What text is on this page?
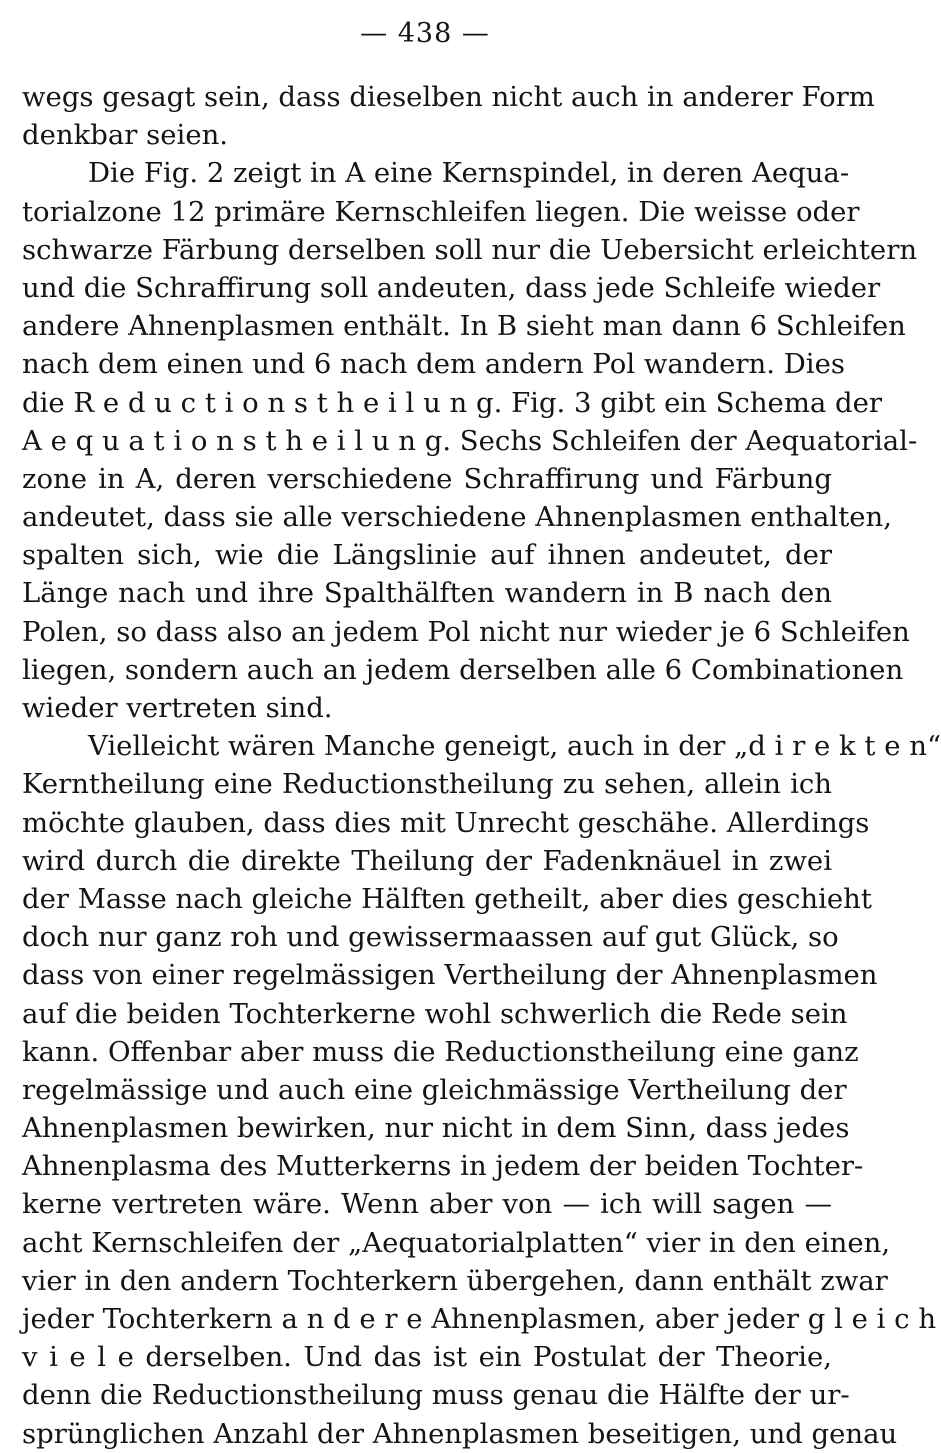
— 438 —
wegs gesagt sein, dass dieselben nicht auch in anderer Form
denkbar seien.
Die Fig. 2 zeigt in A eine Kernspindel, in deren Aequa-
torialzone 12 primäre Kernschleifen liegen. Die weisse oder
schwarze Färbung derselben soll nur die Uebersicht erleichtern
und die Schraffirung soll andeuten, dass jede Schleife wieder
andere Ahnenplasmen enthält. In B sieht man dann 6 Schleifen
nach dem einen und 6 nach dem andern Pol wandern. Dies
die R e d u c t i o n s t h e i l u n g. Fig. 3 gibt ein Schema der
A e q u a t i o n s t h e i l u n g. Sechs Schleifen der Aequatorial-
zone in A, deren verschiedene Schraffirung und Färbung
andeutet, dass sie alle verschiedene Ahnenplasmen enthalten,
spalten sich, wie die Längslinie auf ihnen andeutet, der
Länge nach und ihre Spalthälften wandern in B nach den
Polen, so dass also an jedem Pol nicht nur wieder je 6 Schleifen
liegen, sondern auch an jedem derselben alle 6 Combinationen
wieder vertreten sind.
Vielleicht wären Manche geneigt, auch in der „d i r e k t e n“
Kerntheilung eine Reductionstheilung zu sehen, allein ich
möchte glauben, dass dies mit Unrecht geschähe. Allerdings
wird durch die direkte Theilung der Fadenknäuel in zwei
der Masse nach gleiche Hälften getheilt, aber dies geschieht
doch nur ganz roh und gewissermaassen auf gut Glück, so
dass von einer regelmässigen Vertheilung der Ahnenplasmen
auf die beiden Tochterkerne wohl schwerlich die Rede sein
kann. Offenbar aber muss die Reductionstheilung eine ganz
regelmässige und auch eine gleichmässige Vertheilung der
Ahnenplasmen bewirken, nur nicht in dem Sinn, dass jedes
Ahnenplasma des Mutterkerns in jedem der beiden Tochter-
kerne vertreten wäre. Wenn aber von — ich will sagen —
acht Kernschleifen der „Aequatorialplatten“ vier in den einen,
vier in den andern Tochterkern übergehen, dann enthält zwar
jeder Tochterkern a n d e r e Ahnenplasmen, aber jeder g l e i c h
v i e l e derselben. Und das ist ein Postulat der Theorie,
denn die Reductionstheilung muss genau die Hälfte der ur-
sprünglichen Anzahl der Ahnenplasmen beseitigen, und genau
